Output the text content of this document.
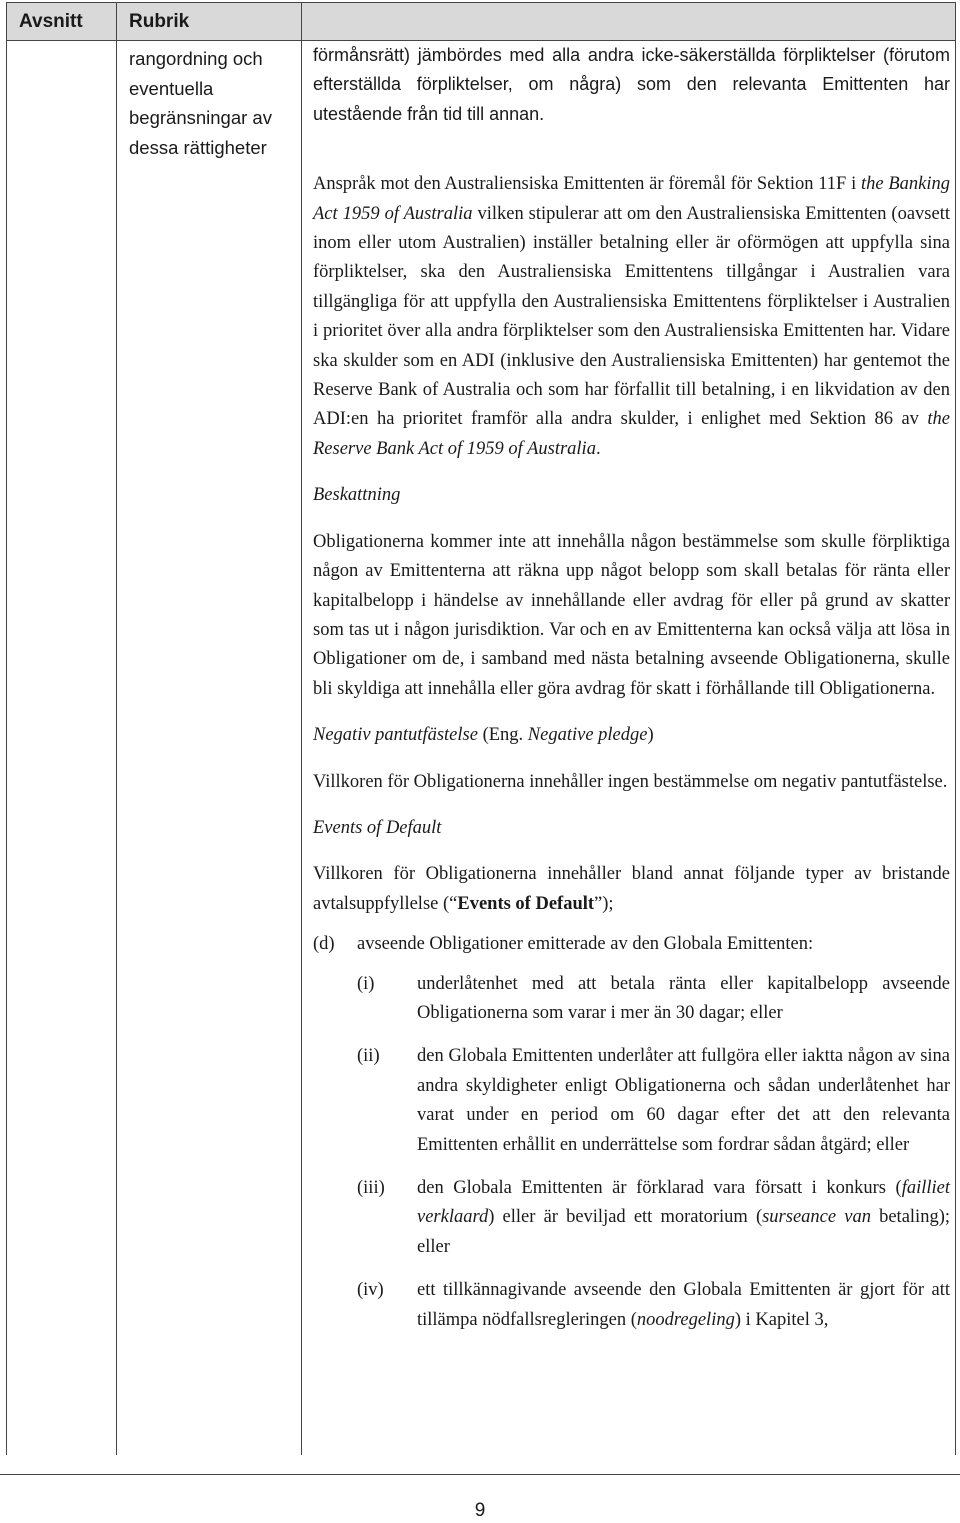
Avsnitt Rubrik
rangordning och eventuella begränsningar av dessa rättigheter

förmånsrätt) jämbördes med alla andra icke-säkerställda förpliktelser (förutom efterställda förpliktelser, om några) som den relevanta Emittenten har utestående från tid till annan.

Anspråk mot den Australiensiska Emittenten är föremål för Sektion 11F i the Banking Act 1959 of Australia vilken stipulerar att om den Australiensiska Emittenten (oavsett inom eller utom Australien) inställer betalning eller är oförmögen att uppfylla sina förpliktelser, ska den Australiensiska Emittentens tillgångar i Australien vara tillgängliga för att uppfylla den Australiensiska Emittentens förpliktelser i Australien i prioritet över alla andra förpliktelser som den Australiensiska Emittenten har. Vidare ska skulder som en ADI (inklusive den Australiensiska Emittenten) har gentemot the Reserve Bank of Australia och som har förfallit till betalning, i en likvidation av den ADI:en ha prioritet framför alla andra skulder, i enlighet med Sektion 86 av the Reserve Bank Act of 1959 of Australia.

Beskattning

Obligationerna kommer inte att innehålla någon bestämmelse som skulle förpliktiga någon av Emittenterna att räkna upp något belopp som skall betalas för ränta eller kapitalbelopp i händelse av innehållande eller avdrag för eller på grund av skatter som tas ut i någon jurisdiktion. Var och en av Emittenterna kan också välja att lösa in Obligationer om de, i samband med nästa betalning avseende Obligationerna, skulle bli skyldiga att innehålla eller göra avdrag för skatt i förhållande till Obligationerna.

Negativ pantutfästelse (Eng. Negative pledge)

Villkoren för Obligationerna innehåller ingen bestämmelse om negativ pantutfästelse.

Events of Default

Villkoren för Obligationerna innehåller bland annat följande typer av bristande avtalsuppfyllelse (“Events of Default”);

(d) avseende Obligationer emitterade av den Globala Emittenten:
(i) underlåtenhet med att betala ränta eller kapitalbelopp avseende Obligationerna som varar i mer än 30 dagar; eller
(ii) den Globala Emittenten underlåter att fullgöra eller iaktta någon av sina andra skyldigheter enligt Obligationerna och sådan underlåtenhet har varat under en period om 60 dagar efter det att den relevanta Emittenten erhållit en underrättelse som fordrar sådan åtgärd; eller
(iii) den Globala Emittenten är förklarad vara försatt i konkurs (failliet verklaard) eller är beviljad ett moratorium (surseance van betaling); eller
(iv) ett tillkännagivande avseende den Globala Emittenten är gjort för att tillämpa nödfallsregleringen (noodregeling) i Kapitel 3,
9
